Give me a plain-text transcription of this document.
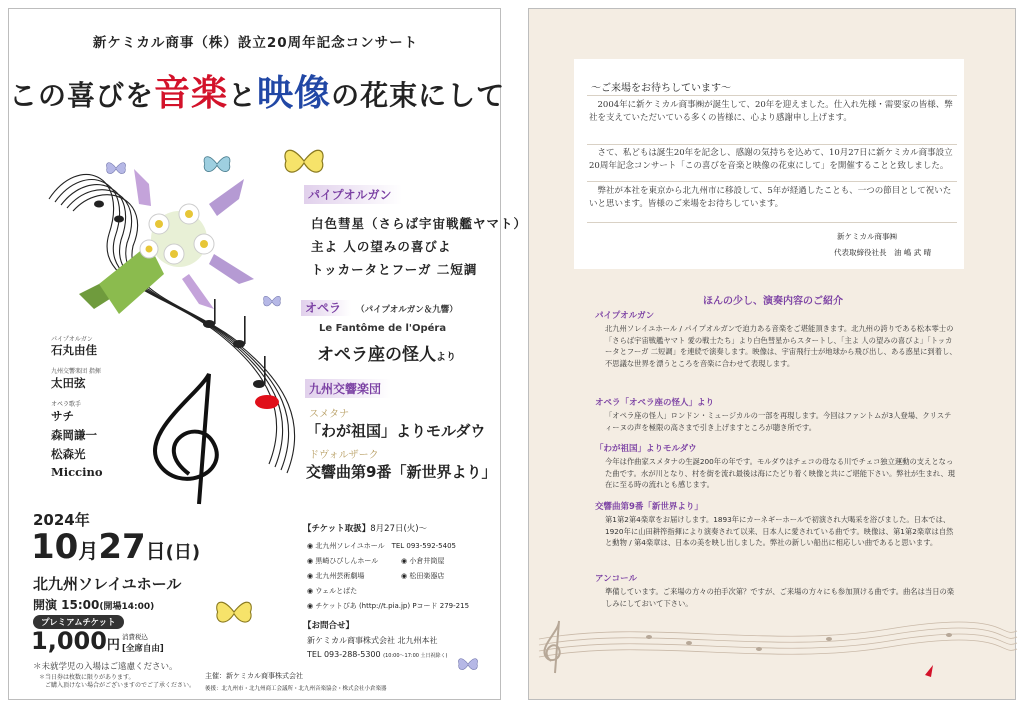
新ケミカル商事（株）設立20周年記念コンサート
この喜びを音楽と映像の花束にして
パイプオルガン
白色彗星（さらば宇宙戦艦ヤマト）
主よ 人の望みの喜びよ
トッカータとフーガ 二短調
オペラ （パイプオルガン＆九響）
Le Fantôme de l'Opéra
オペラ座の怪人より
九州交響楽団
スメタナ
「わが祖国」よりモルダウ
ドヴォルザーク
交響曲第9番「新世界より」
パイプオルガン
石丸由佳
九州交響楽団 指揮
太田弦
オペラ歌手
サチ
森岡謙一
松森光
Miccino
2024年
10月27日(日)
北九州ソレイユホール
開演 15:00(開場14:00)
プレミアムチケット
1,000円
消費税込
[全席自由]
＊未就学児の入場はご遠慮ください。
＊当日券は枚数に限りがあります。
ご購入頂けない場合がございますのでご了承ください。
【チケット取扱】8月27日(火)～
◉ 北九州ソレイユホール　 TEL 093-592-5405
◉ 黒崎ひびしんホール
◉ 北九州芸術劇場
◉ ウェルとばた
◉ チケットぴあ (http://t.pia.jp) Pコード 279-215
◉ 小倉井筒屋
◉ 松田楽器店
【お問合せ】
新ケミカル商事株式会社 北九州本社
TEL 093-288-5300 (10:00～17:00 土日祝除く)
主催：新ケミカル商事株式会社
後援：北九州市・北九州商工会議所・北九州音楽協会・株式会社小倉楽器
～ご来場をお待ちしています～
2004年に新ケミカル商事㈱が誕生して、20年を迎えました。仕入れ先様・需要家の皆様、弊社を支えていただいている多くの皆様に、心より感謝申し上げます。
さて、私どもは誕生20年を記念し、感謝の気持ちを込めて、10月27日に新ケミカル商事設立20周年記念コンサート「この喜びを音楽と映像の花束にして」を開催することと致しました。
弊社が本社を東京から北九州市に移設して、5年が経過したことも、一つの節目として祝いたいと思います。皆様のご来場をお待ちしています。
新ケミカル商事㈱
代表取締役社長　油 嶋 武 晴
ほんの少し、演奏内容のご紹介
パイプオルガン
北九州ソレイユホール / パイプオルガンで迫力ある音楽をご堪能頂きます。北九州の誇りである松本零士の「さらば宇宙戦艦ヤマト 愛の戦士たち」より白色彗星からスタートし、「主よ 人の望みの喜びよ」「トッカータとフーガ 二短調」を連続で演奏します。映像は、宇宙飛行士が地球から飛び出し、ある惑星に到着し、不思議な世界を漂うところを音楽に合わせて表現します。
オペラ「オペラ座の怪人」より
「オペラ座の怪人」ロンドン・ミュージカルの一部を再現します。今回はファントムが3人登場、クリスティーヌの声を極限の高さまで引き上げますところが聴き所です。
「わが祖国」よりモルダウ
今年は作曲家スメタナの生誕200年の年です。モルダウはチェコの母なる川でチェコ独立運動の支えとなった曲です。水が川となり、村を街を流れ最後は海にたどり着く映像と共にご堪能下さい。弊社が生まれ、現在に至る時の流れとも感じます。
交響曲第9番「新世界より」
第1第2第4楽章をお届けします。1893年にカーネギーホールで初演され大喝采を浴びました。日本では、1920年に山田耕筰指揮により演奏されて以来、日本人に愛されている曲です。映像は、第1第2楽章は自然と動物 / 第4楽章は、日本の美を映し出しました。弊社の新しい船出に相応しい曲であると思います。
アンコール
準備しています。ご来場の方々の拍手次第？ですが、ご来場の方々にも参加頂ける曲です。曲名は当日の楽しみにしておいて下さい。
